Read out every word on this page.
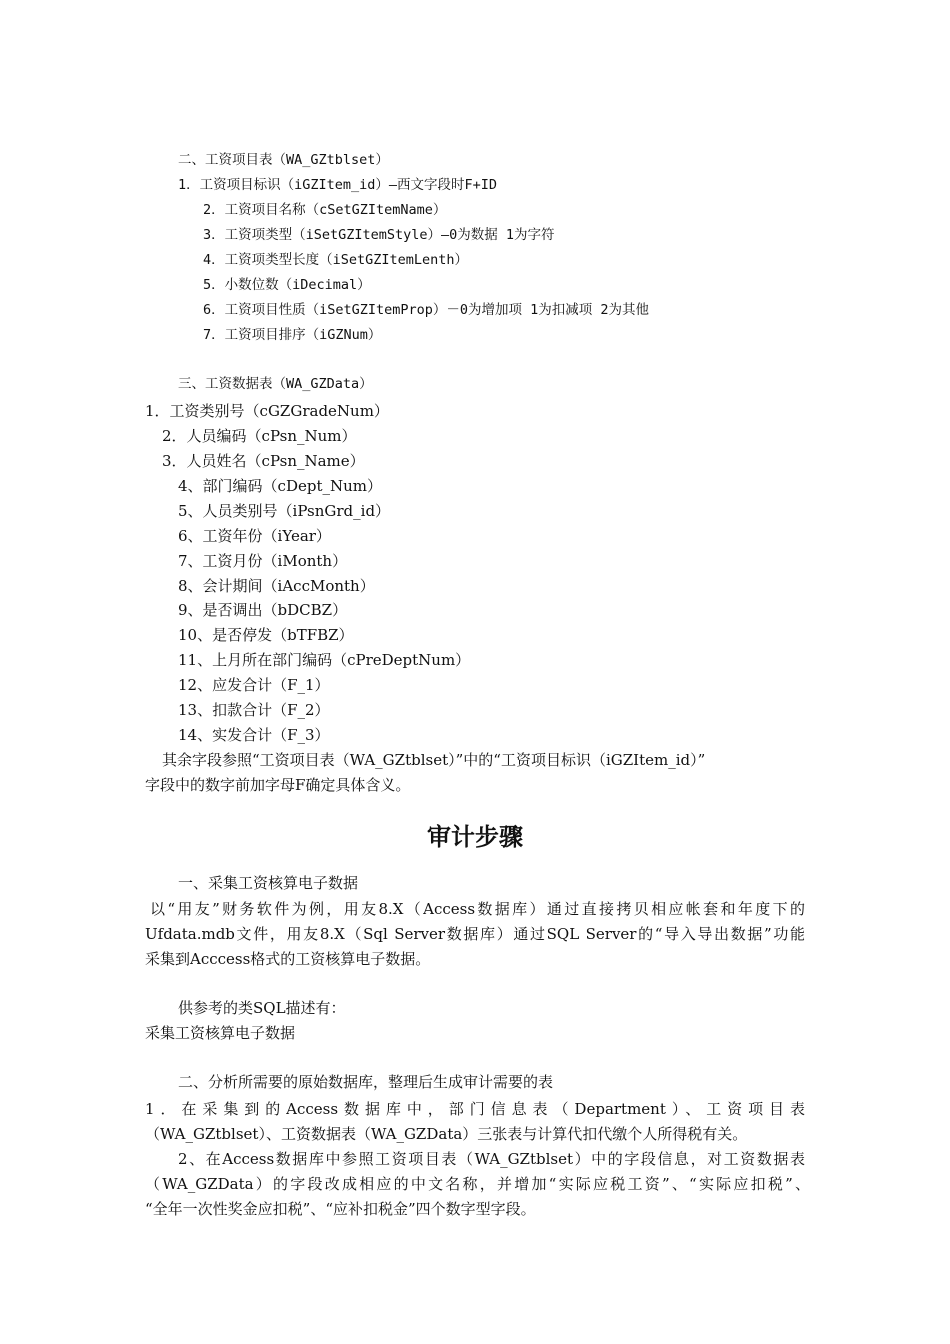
二、工资项目表（WA_GZtblset）
1．工资项目标识（iGZItem_id）—西文字段时F+ID
2．工资项目名称（cSetGZItemName）
3．工资项类型（iSetGZItemStyle）—0为数据 1为字符
4．工资项类型长度（iSetGZItemLenth）
5．小数位数（iDecimal）
6．工资项目性质（iSetGZItemProp）－0为增加项 1为扣减项 2为其他
7．工资项目排序（iGZNum）
三、工资数据表（WA_GZData）
1．工资类别号（cGZGradeNum）
2．人员编码（cPsn_Num）
3．人员姓名（cPsn_Name）
4、部门编码（cDept_Num）
5、人员类别号（iPsnGrd_id）
6、工资年份（iYear）
7、工资月份（iMonth）
8、会计期间（iAccMonth）
9、是否调出（bDCBZ）
10、是否停发（bTFBZ）
11、上月所在部门编码（cPreDeptNum）
12、应发合计（F_1）
13、扣款合计（F_2）
14、实发合计（F_3）
其余字段参照“工资项目表（WA_GZtblset）”中的“工资项目标识（iGZItem_id）”
字段中的数字前加字母F确定具体含义。
审计步骤
一、采集工资核算电子数据
以“用友”财务软件为例，用友8.X（Access数据库）通过直接拷贝相应帐套和年度下的
Ufdata.mdb文件，用友8.X（Sql Server数据库）通过SQL Server的“导入导出数据”功能
采集到Acccess格式的工资核算电子数据。
供参考的类SQL描述有：
采集工资核算电子数据
二、分析所需要的原始数据库，整理后生成审计需要的表
1．在采集到的Access数据库中，部门信息表（Department）、工资项目表
（WA_GZtblset）、工资数据表（WA_GZData）三张表与计算代扣代缴个人所得税有关。
2、在Access数据库中参照工资项目表（WA_GZtblset）中的字段信息，对工资数据表
（WA_GZData）的字段改成相应的中文名称，并增加“实际应税工资”、“实际应扣税”、
“全年一次性奖金应扣税”、“应补扣税金”四个数字型字段。
